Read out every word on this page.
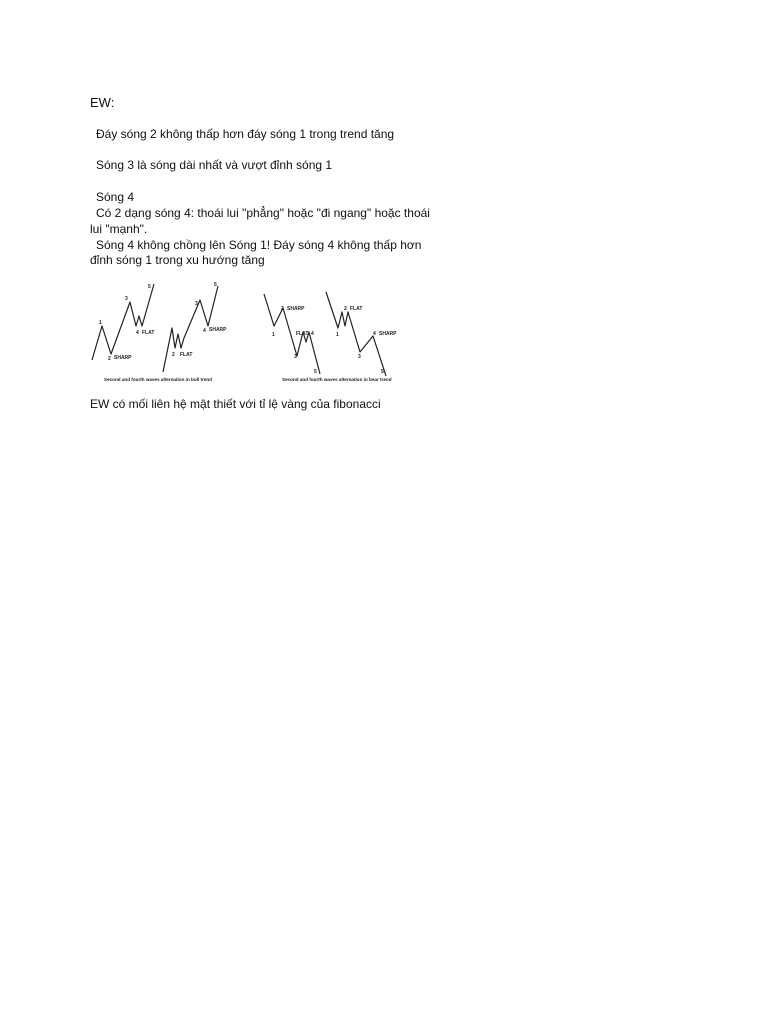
EW:
Đáy sóng 2 không thấp hơn đáy sóng 1 trong trend tăng
Sóng 3 là sóng dài nhất và vượt đỉnh sóng 1
Sóng 4
Có 2 dạng sóng 4: thoái lui "phẳng" hoặc "đi ngang" hoặc thoái
lui "mạnh".
Sóng 4 không chồng lên Sóng 1! Đáy sóng 4 không thấp hơn
đỉnh sóng 1 trong xu hướng tăng
1
2 SHARP
3
4 FLAT
5
2 FLAT
3
4 SHARP
5
1
2 SHARP
3
FLAT 4
5
1
2 FLAT
3
4 SHARP
5
Second and fourth waves alternation in bull trend	Second and fourth waves alternation in bear trend
EW có mối liên hệ mật thiết với tỉ lệ vàng của fibonacci
